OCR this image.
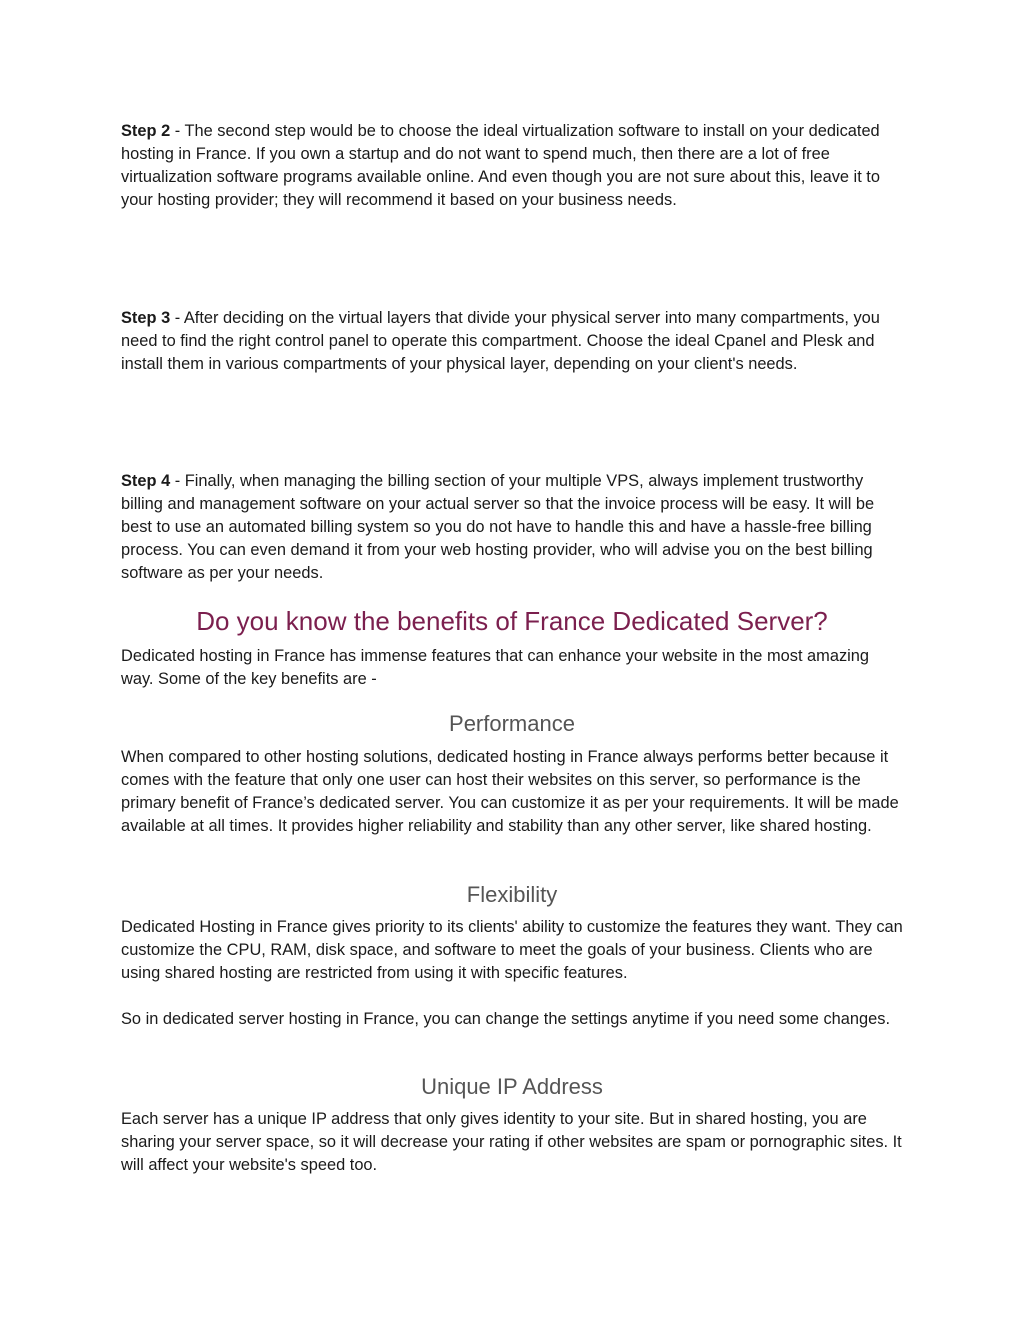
Step 2 - The second step would be to choose the ideal virtualization software to install on your dedicated hosting in France. If you own a startup and do not want to spend much, then there are a lot of free virtualization software programs available online. And even though you are not sure about this, leave it to your hosting provider; they will recommend it based on your business needs.

Step 3 - After deciding on the virtual layers that divide your physical server into many compartments, you need to find the right control panel to operate this compartment. Choose the ideal Cpanel and Plesk and install them in various compartments of your physical layer, depending on your client's needs.

Step 4 - Finally, when managing the billing section of your multiple VPS, always implement trustworthy billing and management software on your actual server so that the invoice process will be easy. It will be best to use an automated billing system so you do not have to handle this and have a hassle-free billing process. You can even demand it from your web hosting provider, who will advise you on the best billing software as per your needs.

Do you know the benefits of France Dedicated Server?

Dedicated hosting in France has immense features that can enhance your website in the most amazing way. Some of the key benefits are -

Performance

When compared to other hosting solutions, dedicated hosting in France always performs better because it comes with the feature that only one user can host their websites on this server, so performance is the primary benefit of France’s dedicated server. You can customize it as per your requirements. It will be made available at all times. It provides higher reliability and stability than any other server, like shared hosting.

Flexibility

Dedicated Hosting in France gives priority to its clients' ability to customize the features they want. They can customize the CPU, RAM, disk space, and software to meet the goals of your business. Clients who are using shared hosting are restricted from using it with specific features.

So in dedicated server hosting in France, you can change the settings anytime if you need some changes.

Unique IP Address

Each server has a unique IP address that only gives identity to your site. But in shared hosting, you are sharing your server space, so it will decrease your rating if other websites are spam or pornographic sites. It will affect your website's speed too.
